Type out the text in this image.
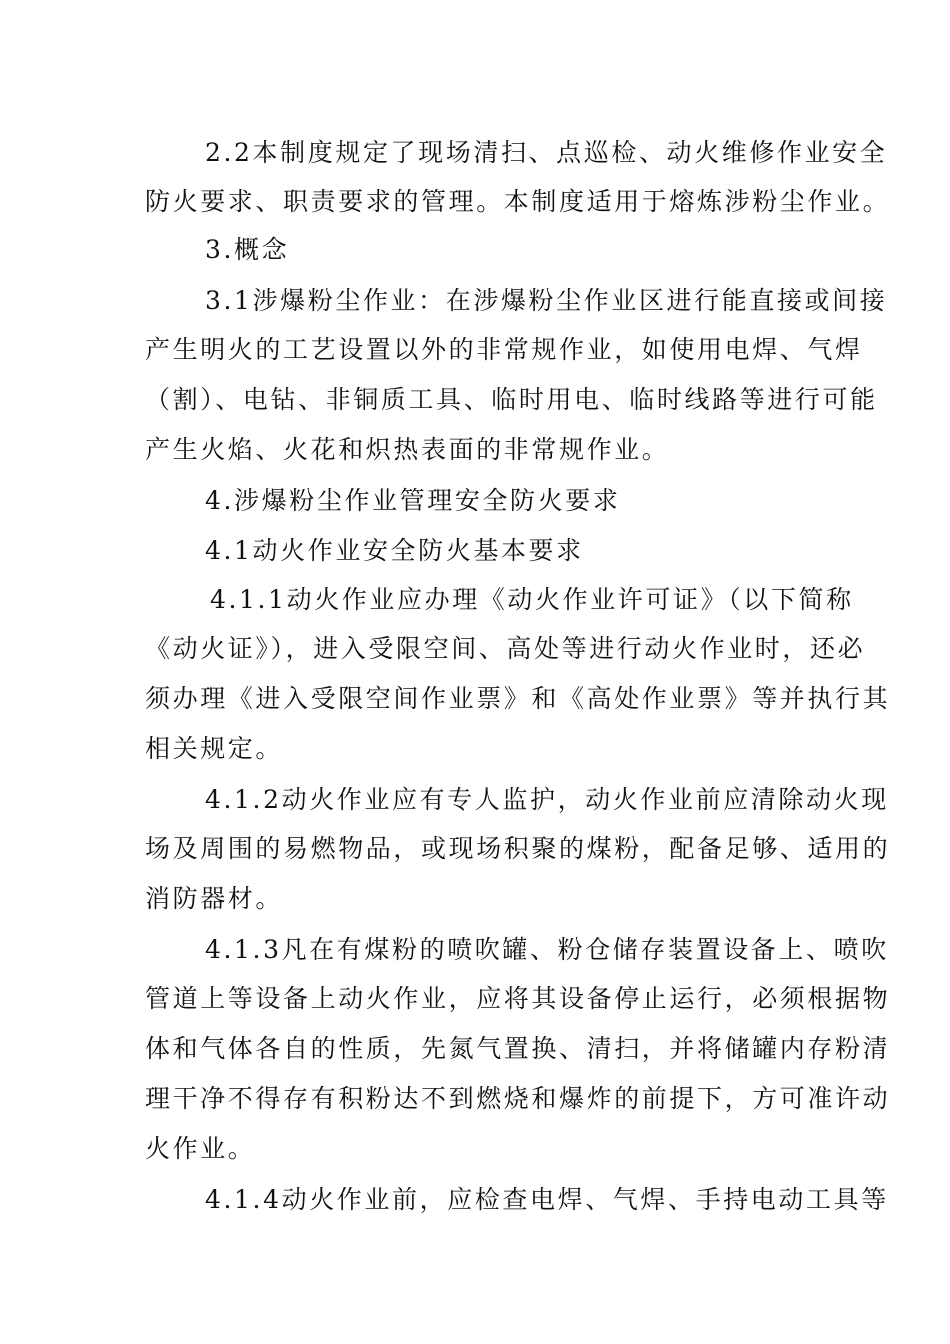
2.2本制度规定了现场清扫、点巡检、动火维修作业安全
防火要求、职责要求的管理。本制度适用于熔炼涉粉尘作业。
3.概念
3.1涉爆粉尘作业：在涉爆粉尘作业区进行能直接或间接
产生明火的工艺设置以外的非常规作业，如使用电焊、气焊
（割）、电钻、非铜质工具、临时用电、临时线路等进行可能
产生火焰、火花和炽热表面的非常规作业。
4.涉爆粉尘作业管理安全防火要求
4.1动火作业安全防火基本要求
4.1.1动火作业应办理《动火作业许可证》（以下简称
《动火证》），进入受限空间、高处等进行动火作业时，还必
须办理《进入受限空间作业票》和《高处作业票》等并执行其
相关规定。
4.1.2动火作业应有专人监护，动火作业前应清除动火现
场及周围的易燃物品，或现场积聚的煤粉，配备足够、适用的
消防器材。
4.1.3凡在有煤粉的喷吹罐、粉仓储存装置设备上、喷吹
管道上等设备上动火作业，应将其设备停止运行，必须根据物
体和气体各自的性质，先氮气置换、清扫，并将储罐内存粉清
理干净不得存有积粉达不到燃烧和爆炸的前提下，方可准许动
火作业。
4.1.4动火作业前，应检查电焊、气焊、手持电动工具等
